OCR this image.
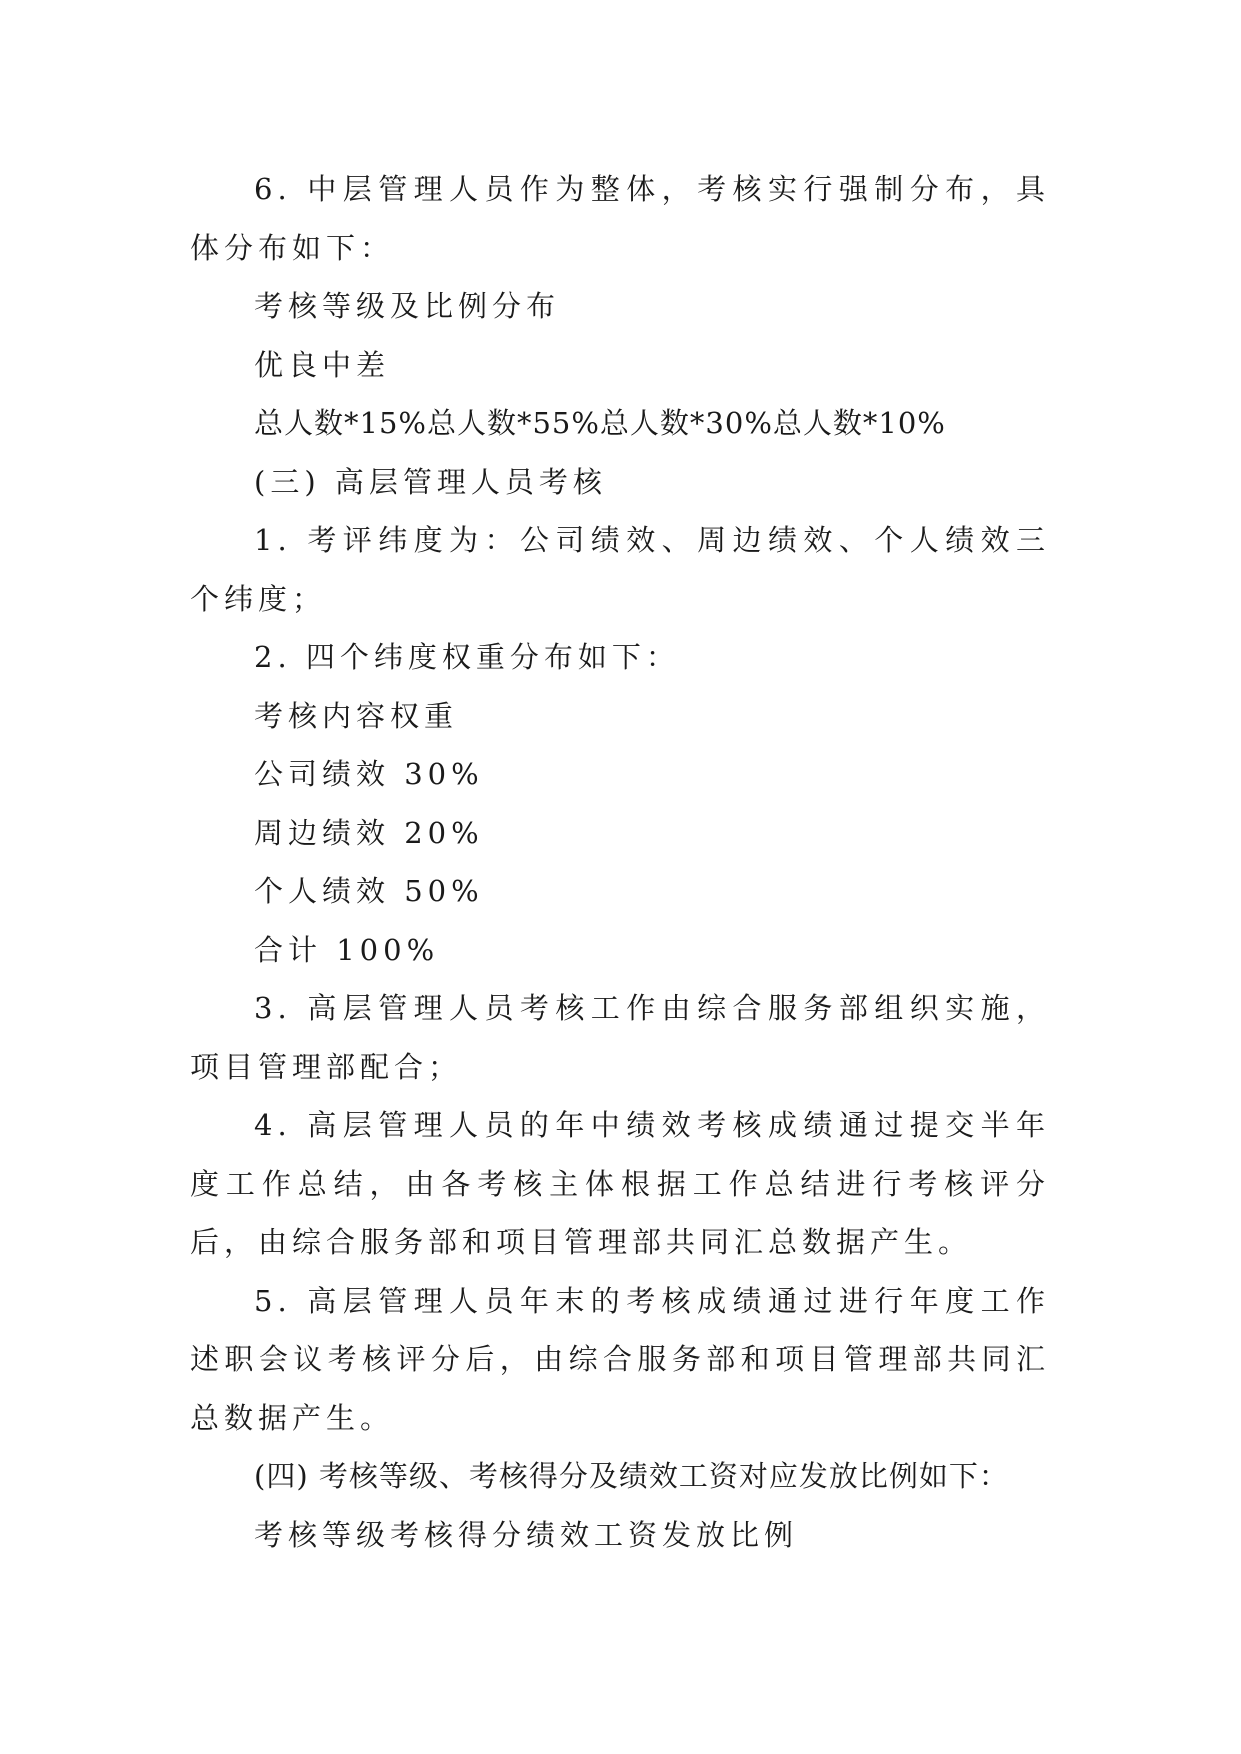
6. 中层管理人员作为整体，考核实行强制分布，具体分布如下：

考核等级及比例分布

优良中差

总人数*15%总人数*55%总人数*30%总人数*10%

(三) 高层管理人员考核

1. 考评纬度为：公司绩效、周边绩效、个人绩效三个纬度；

2. 四个纬度权重分布如下：

考核内容权重

公司绩效 30%

周边绩效 20%

个人绩效 50%

合计 100%

3. 高层管理人员考核工作由综合服务部组织实施，项目管理部配合；

4. 高层管理人员的年中绩效考核成绩通过提交半年度工作总结，由各考核主体根据工作总结进行考核评分后，由综合服务部和项目管理部共同汇总数据产生。

5. 高层管理人员年末的考核成绩通过进行年度工作述职会议考核评分后，由综合服务部和项目管理部共同汇总数据产生。

(四) 考核等级、考核得分及绩效工资对应发放比例如下：

考核等级考核得分绩效工资发放比例
